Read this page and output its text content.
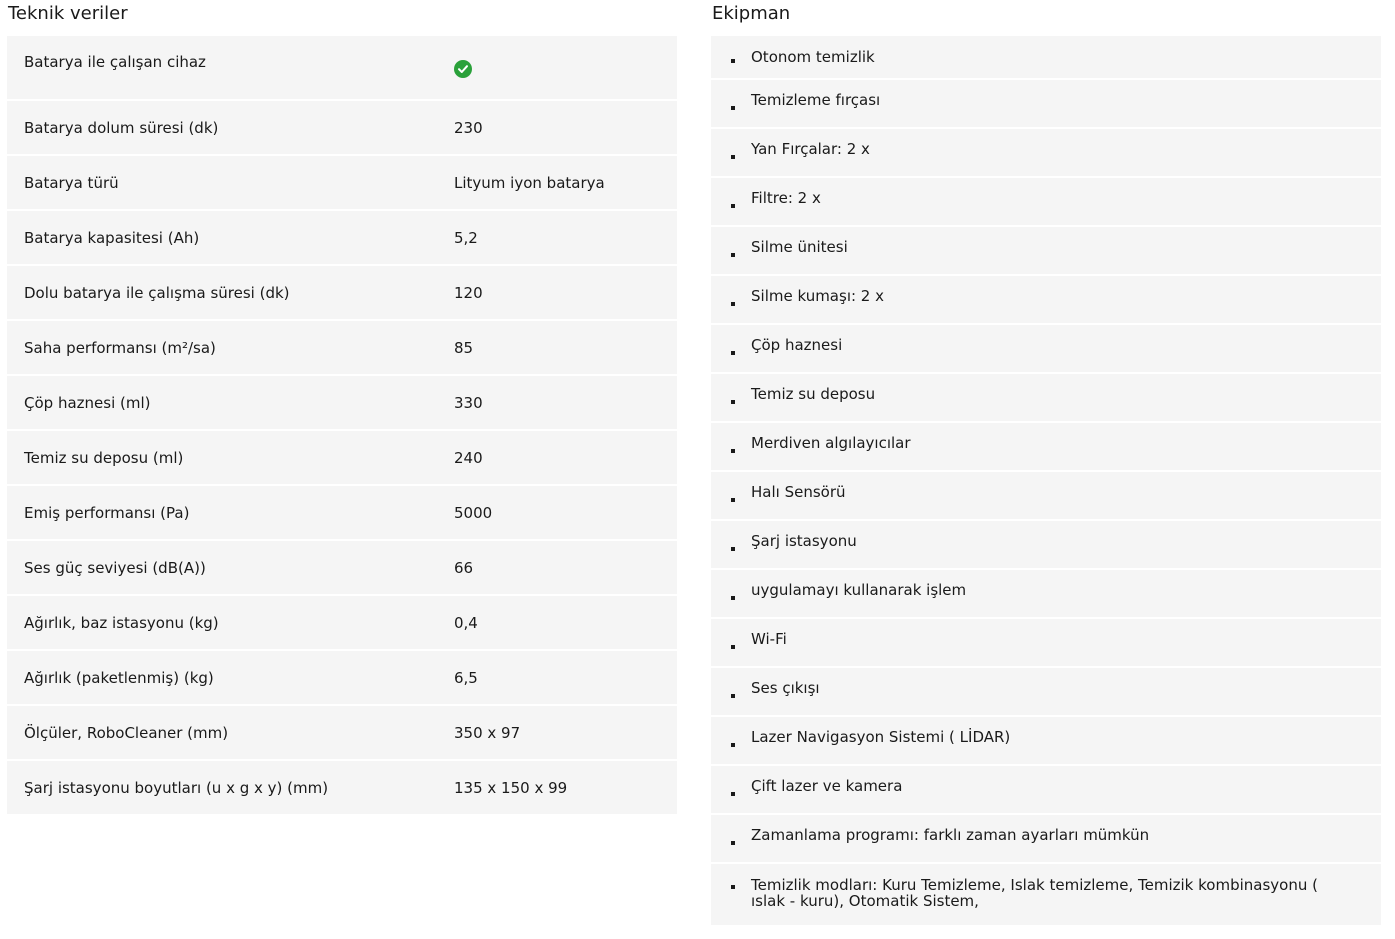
Teknik veriler
Batarya ile çalışan cihaz	

Batarya dolum süresi (dk)	230
Batarya türü	Lityum iyon batarya
Batarya kapasitesi (Ah)	5,2
Dolu batarya ile çalışma süresi (dk)	120
Saha performansı (m²/sa)	85
Çöp haznesi (ml)	330
Temiz su deposu (ml)	240
Emiş performansı (Pa)	5000
Ses güç seviyesi (dB(A))	66
Ağırlık, baz istasyonu (kg)	0,4
Ağırlık (paketlenmiş) (kg)	6,5
Ölçüler, RoboCleaner (mm)	350 x 97
Şarj istasyonu boyutları (u x g x y) (mm)	135 x 150 x 99
Ekipman
Otonom temizlik
Temizleme fırçası
Yan Fırçalar: 2 x
Filtre: 2 x
Silme ünitesi
Silme kumaşı: 2 x
Çöp haznesi
Temiz su deposu
Merdiven algılayıcılar
Halı Sensörü
Şarj istasyonu
uygulamayı kullanarak işlem
Wi-Fi
Ses çıkışı
Lazer Navigasyon Sistemi ( LİDAR)
Çift lazer ve kamera
Zamanlama programı: farklı zaman ayarları mümkün
Temizlik modları: Kuru Temizleme, Islak temizleme, Temizik kombinasyonu ( ıslak - kuru), Otomatik Sistem,
